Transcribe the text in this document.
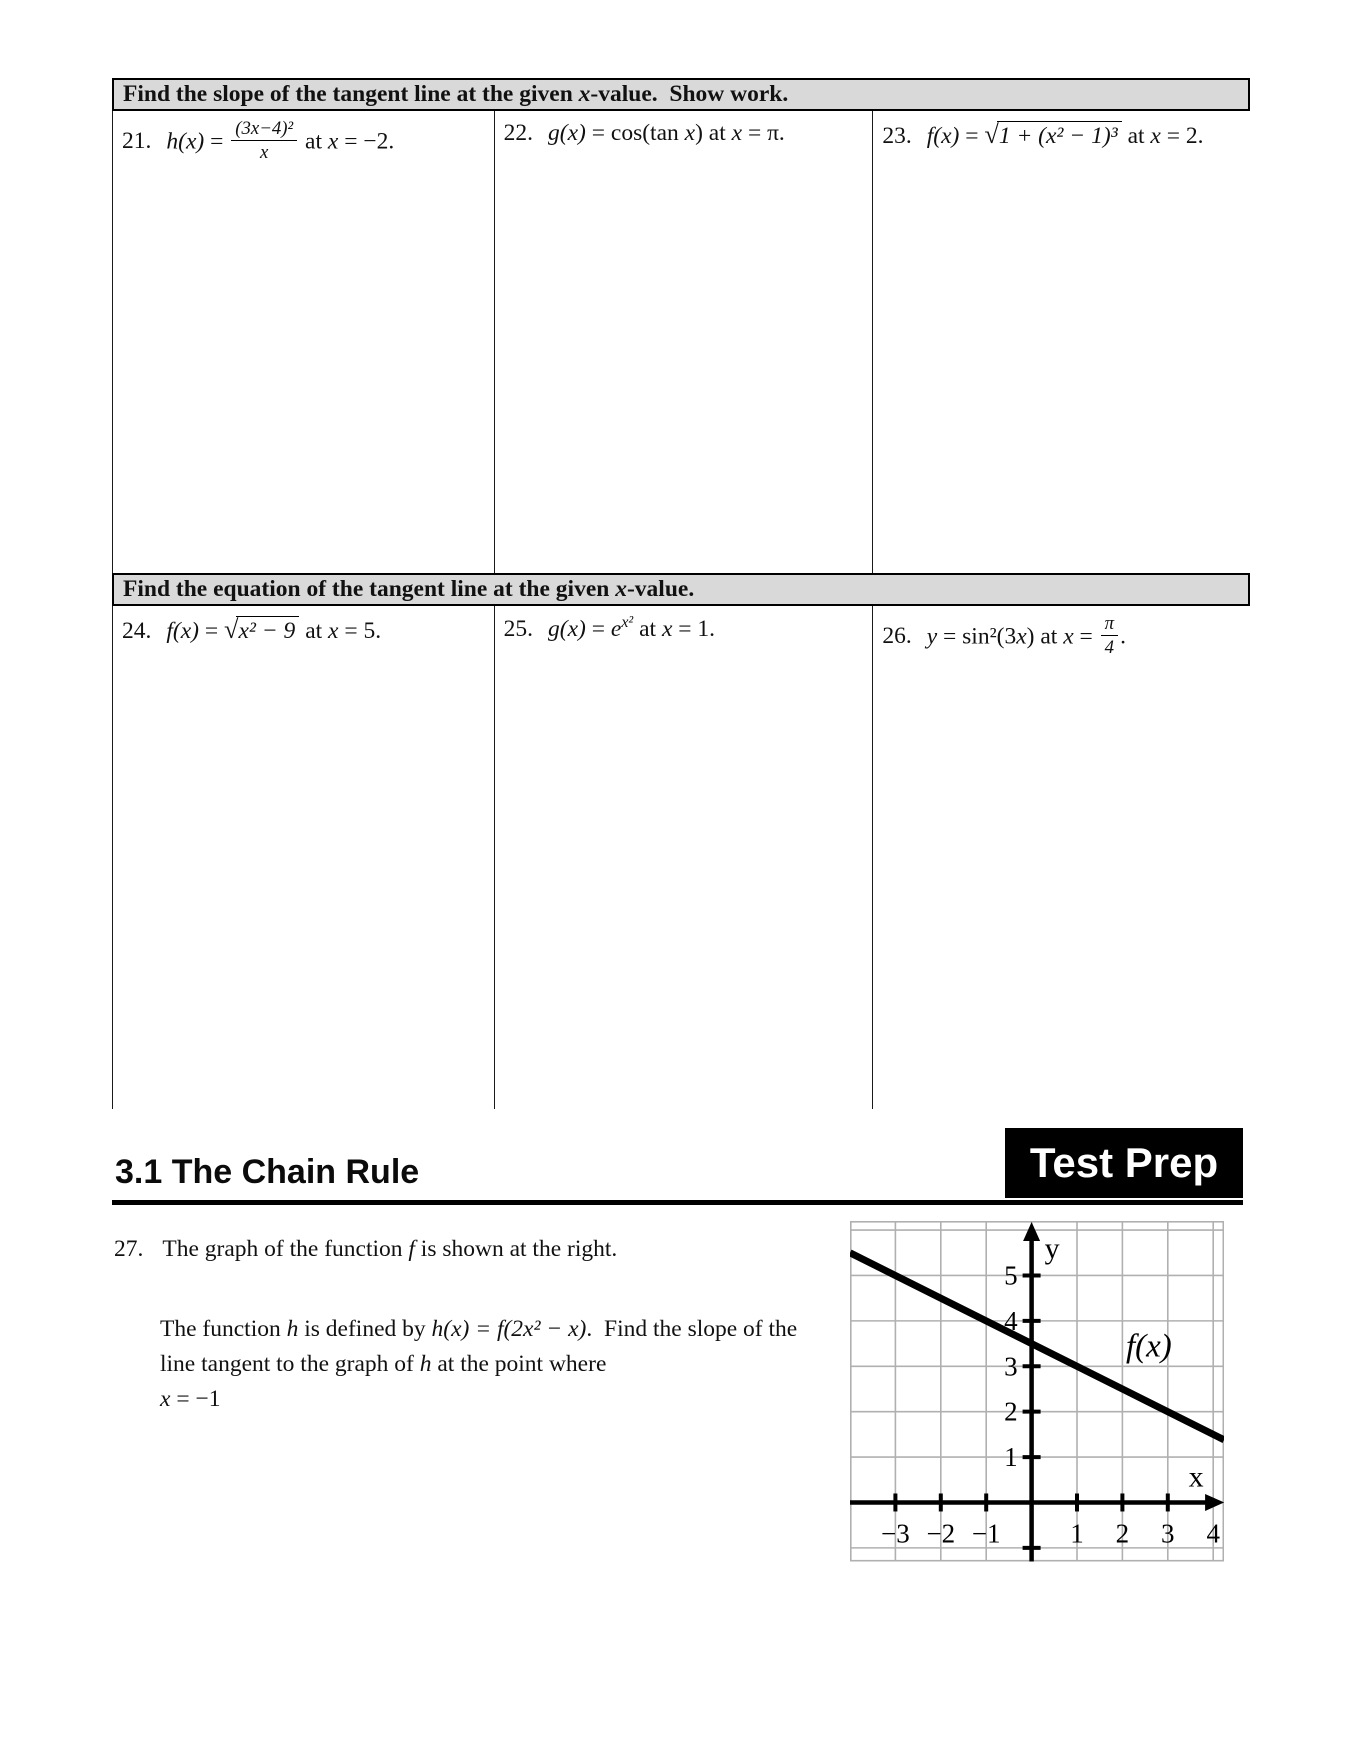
Find the slope of the tangent line at the given x-value.  Show work.
21. $h(x) = \frac{\text{(3x−4)²}}{x}$ at x = −2.	22. g(x) = cos(tan x) at x = π.	23. f(x) = √1 + (x² − 1)³ at x = 2.
Find the equation of the tangent line at the given x-value.
24. f(x) = √x² − 9 at x = 5.	25. $g(x) = e^{x^2}$ at x = 1.	26. y = sin²(3x) at $x = \frac{\pi}{4}$ .
3.1 The Chain Rule	Test Prep

27. The graph of the function f is shown at the right.

The function h is defined by h(x) = f(2x² − x).  Find the slope of the line tangent to the graph of h at the point where

x = −1

−3 −2 −1	1 2 3 4
1
2
3
4
5
y
x
f(x)
